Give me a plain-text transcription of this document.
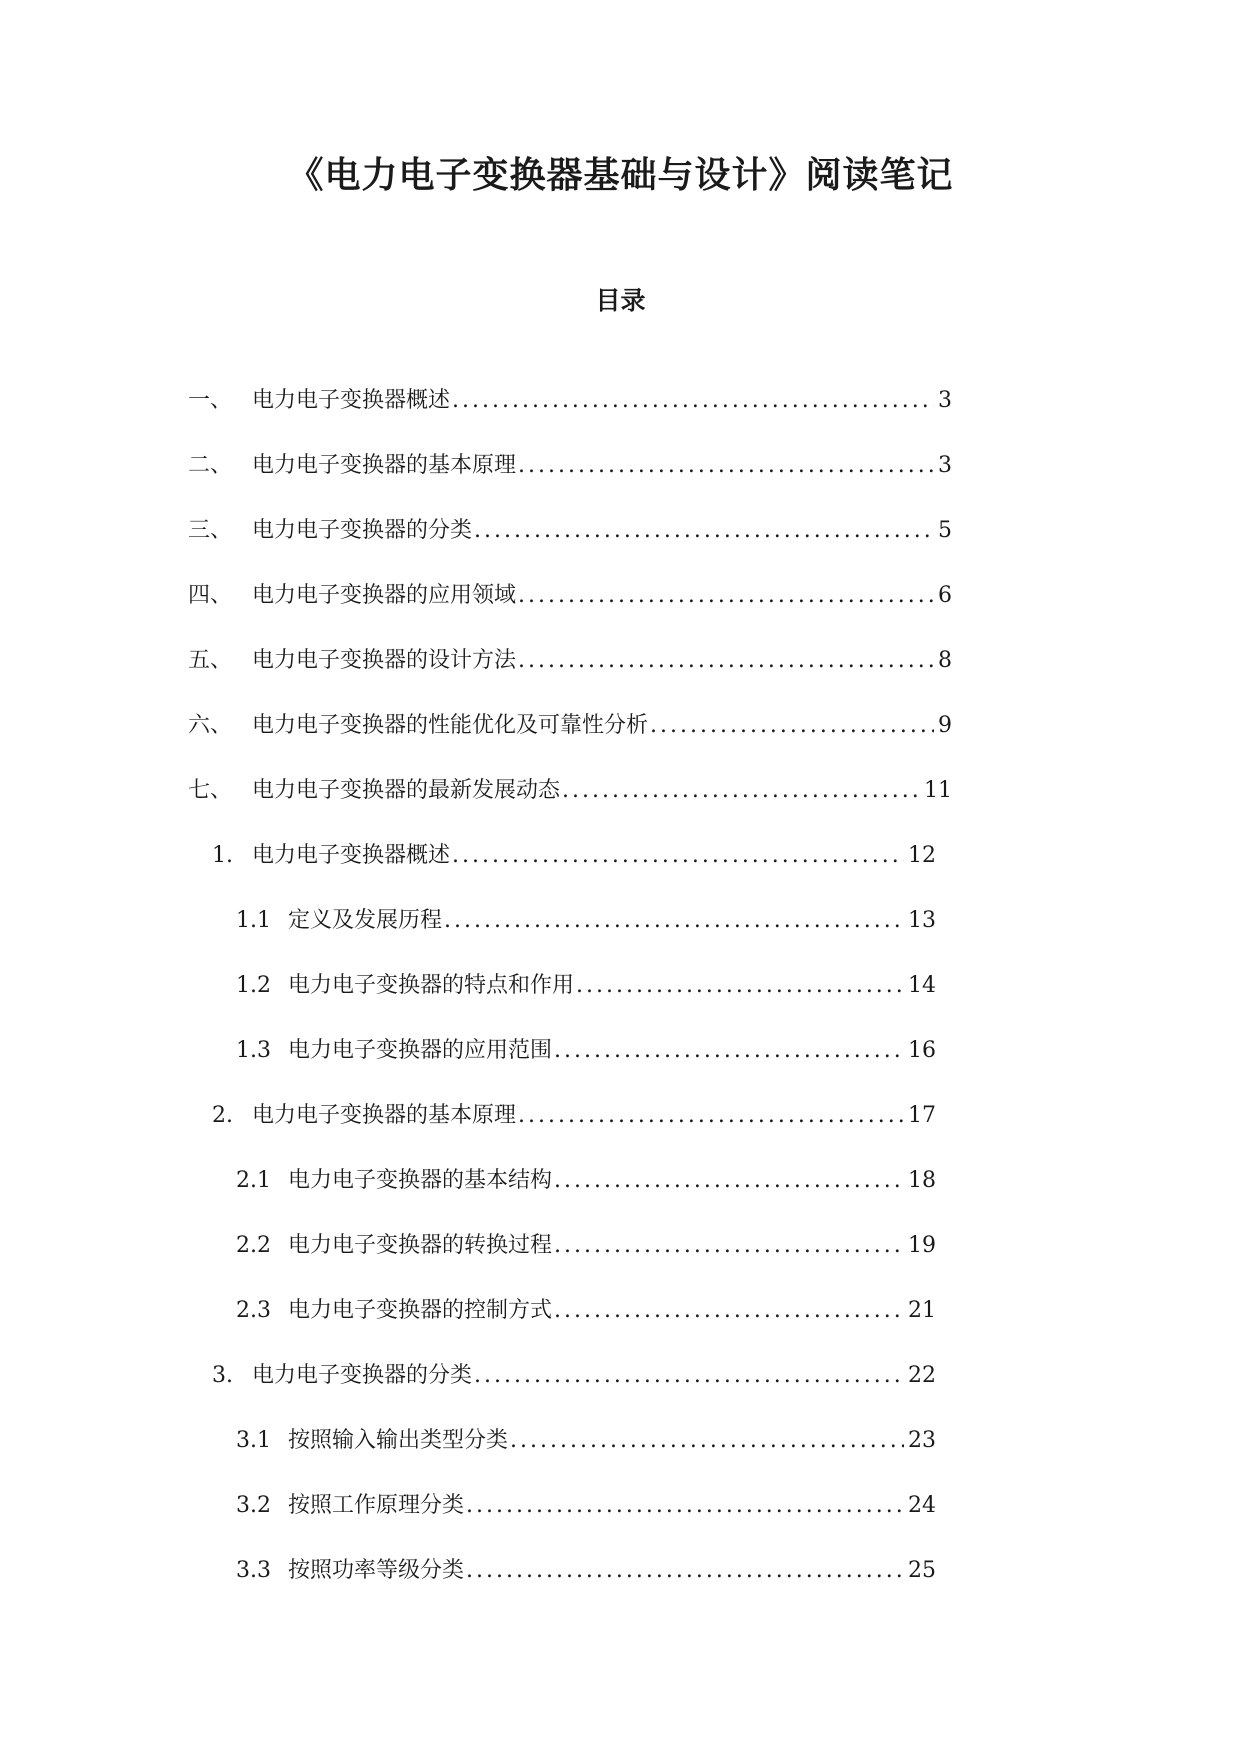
《电力电子变换器基础与设计》阅读笔记
目录
一、 电力电子变换器概述 .....	3
二、 电力电子变换器的基本原理 .....	3
三、 电力电子变换器的分类 .....	5
四、 电力电子变换器的应用领域 .....	6
五、 电力电子变换器的设计方法 .....	8
六、 电力电子变换器的性能优化及可靠性分析 .....	9
七、 电力电子变换器的最新发展动态 .....	11
1. 电力电子变换器概述 .....	12
1.1 定义及发展历程 .....	13
1.2 电力电子变换器的特点和作用 .....	14
1.3 电力电子变换器的应用范围 .....	16
2. 电力电子变换器的基本原理 .....	17
2.1 电力电子变换器的基本结构 .....	18
2.2 电力电子变换器的转换过程 .....	19
2.3 电力电子变换器的控制方式 .....	21
3. 电力电子变换器的分类 .....	22
3.1 按照输入输出类型分类 .....	23
3.2 按照工作原理分类 .....	24
3.3 按照功率等级分类 .....	25
